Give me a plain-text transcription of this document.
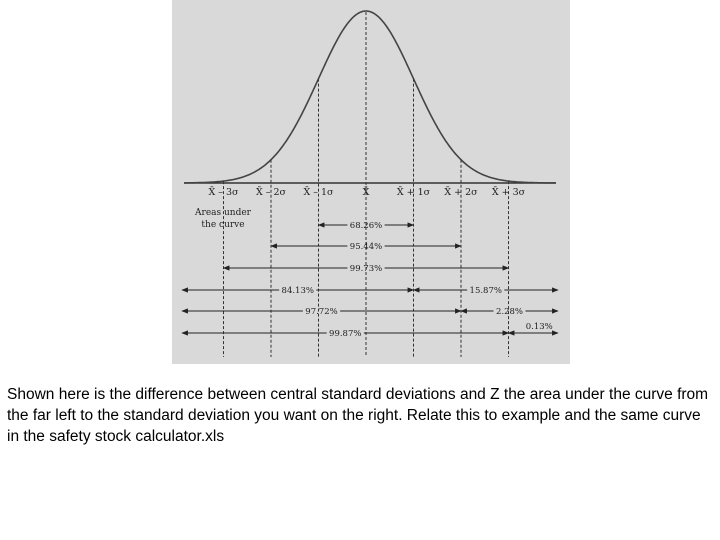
X̄ – 3σ X̄ – 2σ X̄ – 1σ	X̄	X̄ + 1σ X̄ + 2σ X̄ + 3σ
Areas under
the curve	68.26%
95.44%
99.73%
84.13%	15.87%
97.72%	2.28%
99.87%
0.13%

Shown here is the difference between central standard deviations and Z the area under the curve from the far left to the standard deviation you want on the right. Relate this to example and the same curve in the safety stock calculator.xls
